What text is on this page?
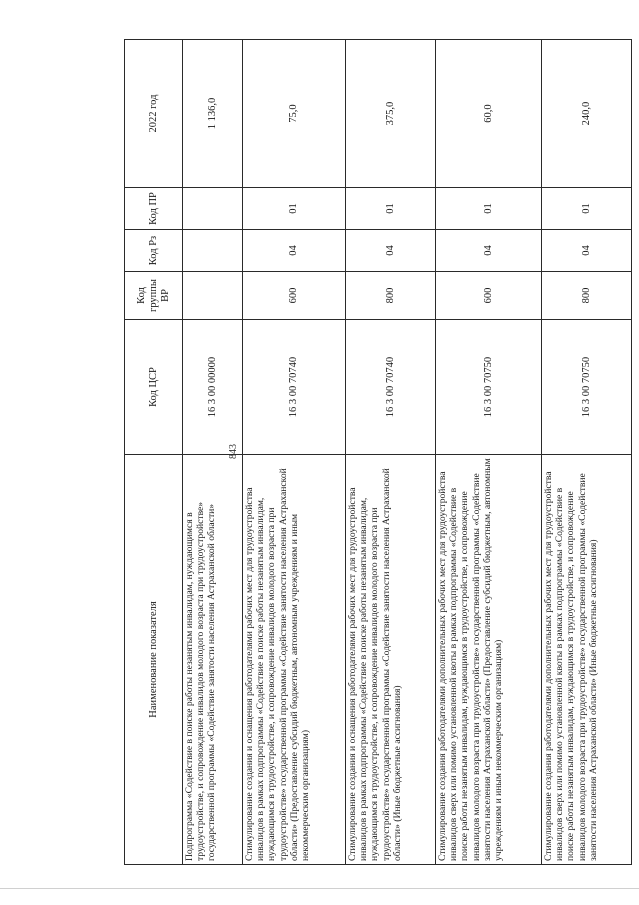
843
Наименование показателя	Код ЦСР	Код группы ВР	Код Рз	Код ПР	2022 год
Подпрограмма «Содействие в поиске работы незанятым инвалидам, нуждающимся в трудоустройстве, и сопровождение инвалидов молодого возраста при трудоустройстве» государственной программы «Содействие занятости населения Астраханской области»	16 3 00 00000				1 136,0
Стимулирование создания и оснащения работодателями рабочих мест для трудоустройства инвалидов в рамках подпрограммы «Содействие в поиске работы незанятым инвалидам, нуждающимся в трудоустройстве, и сопровождение инвалидов молодого возраста при трудоустройстве» государственной программы «Содействие занятости населения Астраханской области» (Предоставление субсидий бюджетным, автономным учреждениям и иным некоммерческим организациям)	16 3 00 70740	600	04	01	75,0
Стимулирование создания и оснащения работодателями рабочих мест для трудоустройства инвалидов в рамках подпрограммы «Содействие в поиске работы незанятым инвалидам, нуждающимся в трудоустройстве, и сопровождение инвалидов молодого возраста при трудоустройстве» государственной программы «Содействие занятости населения Астраханской области» (Иные бюджетные ассигнования)	16 3 00 70740	800	04	01	375,0
Стимулирование создания работодателями дополнительных рабочих мест для трудоустройства инвалидов сверх или помимо установленной квоты в рамках подпрограммы «Содействие в поиске работы незанятым инвалидам, нуждающимся в трудоустройстве, и сопровождение инвалидов молодого возраста при трудоустройстве» государственной программы «Содействие занятости населения Астраханской области» (Предоставление субсидий бюджетным, автономным учреждениям и иным некоммерческим организациям)	16 3 00 70750	600	04	01	60,0
Стимулирование создания работодателями дополнительных рабочих мест для трудоустройства инвалидов сверх или помимо установленной квоты в рамках подпрограммы «Содействие в поиске работы незанятым инвалидам, нуждающимся в трудоустройстве, и сопровождение инвалидов молодого возраста при трудоустройстве» государственной программы «Содействие занятости населения Астраханской области» (Иные бюджетные ассигнования)	16 3 00 70750	800	04	01	240,0
